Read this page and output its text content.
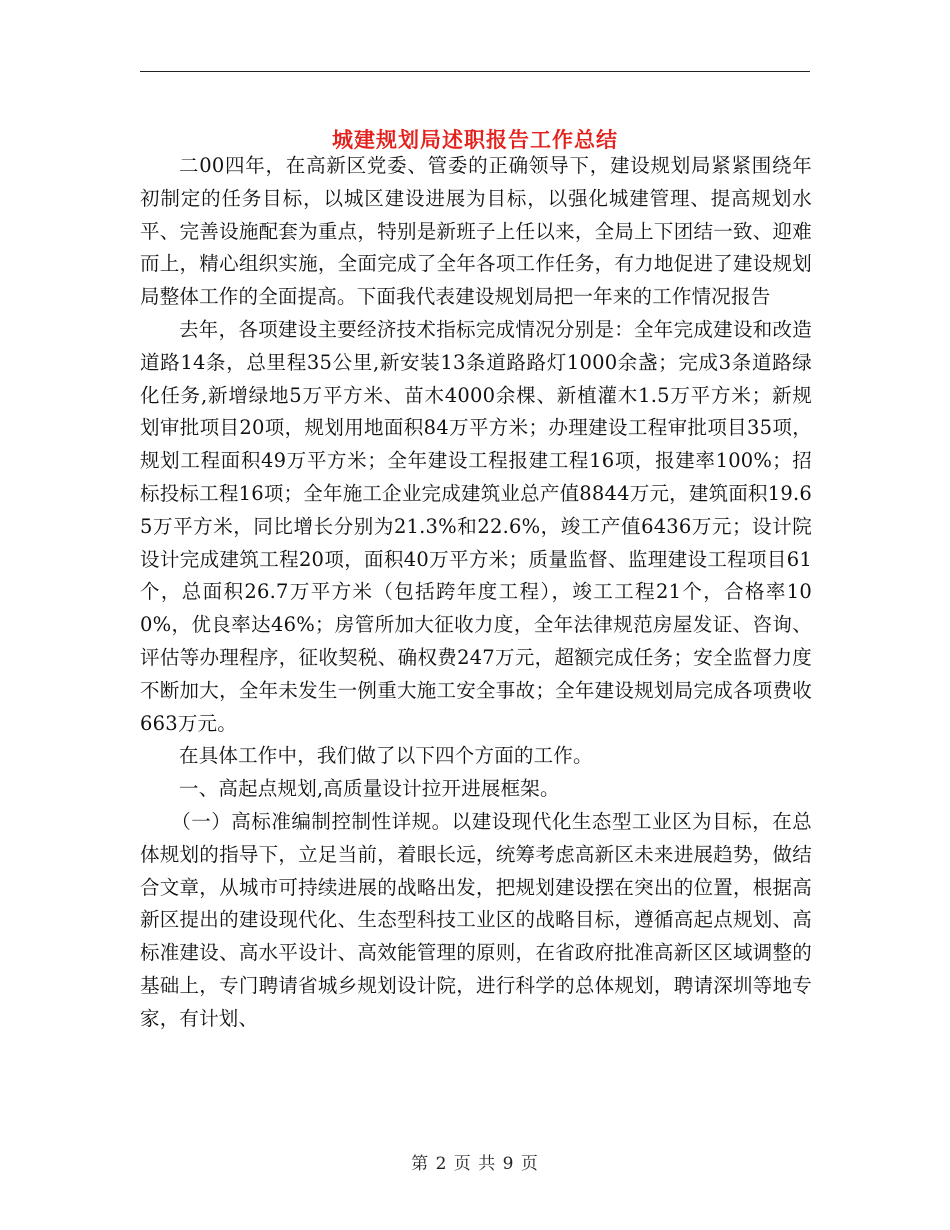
城建规划局述职报告工作总结

二00四年，在高新区党委、管委的正确领导下，建设规划局紧紧围绕年初制定的任务目标，以城区建设进展为目标，以强化城建管理、提高规划水平、完善设施配套为重点，特别是新班子上任以来，全局上下团结一致、迎难而上，精心组织实施，全面完成了全年各项工作任务，有力地促进了建设规划局整体工作的全面提高。下面我代表建设规划局把一年来的工作情况报告

去年，各项建设主要经济技术指标完成情况分别是：全年完成建设和改造道路14条，总里程35公里,新安装13条道路路灯1000余盏；完成3条道路绿化任务,新增绿地5万平方米、苗木4000余棵、新植灌木1.5万平方米；新规划审批项目20项，规划用地面积84万平方米；办理建设工程审批项目35项，规划工程面积49万平方米；全年建设工程报建工程16项，报建率100%；招标投标工程16项；全年施工企业完成建筑业总产值8844万元，建筑面积19.65万平方米，同比增长分别为21.3%和22.6%，竣工产值6436万元；设计院设计完成建筑工程20项，面积40万平方米；质量监督、监理建设工程项目61个，总面积26.7万平方米（包括跨年度工程），竣工工程21个，合格率100%，优良率达46%；房管所加大征收力度，全年法律规范房屋发证、咨询、评估等办理程序，征收契税、确权费247万元，超额完成任务；安全监督力度不断加大，全年未发生一例重大施工安全事故；全年建设规划局完成各项费收663万元。

在具体工作中，我们做了以下四个方面的工作。

一、高起点规划,高质量设计拉开进展框架。

（一）高标准编制控制性详规。以建设现代化生态型工业区为目标，在总体规划的指导下，立足当前，着眼长远，统筹考虑高新区未来进展趋势，做结合文章，从城市可持续进展的战略出发，把规划建设摆在突出的位置，根据高新区提出的建设现代化、生态型科技工业区的战略目标，遵循高起点规划、高标准建设、高水平设计、高效能管理的原则，在省政府批准高新区区域调整的基础上，专门聘请省城乡规划设计院，进行科学的总体规划，聘请深圳等地专家，有计划、

第 2 页 共 9 页
